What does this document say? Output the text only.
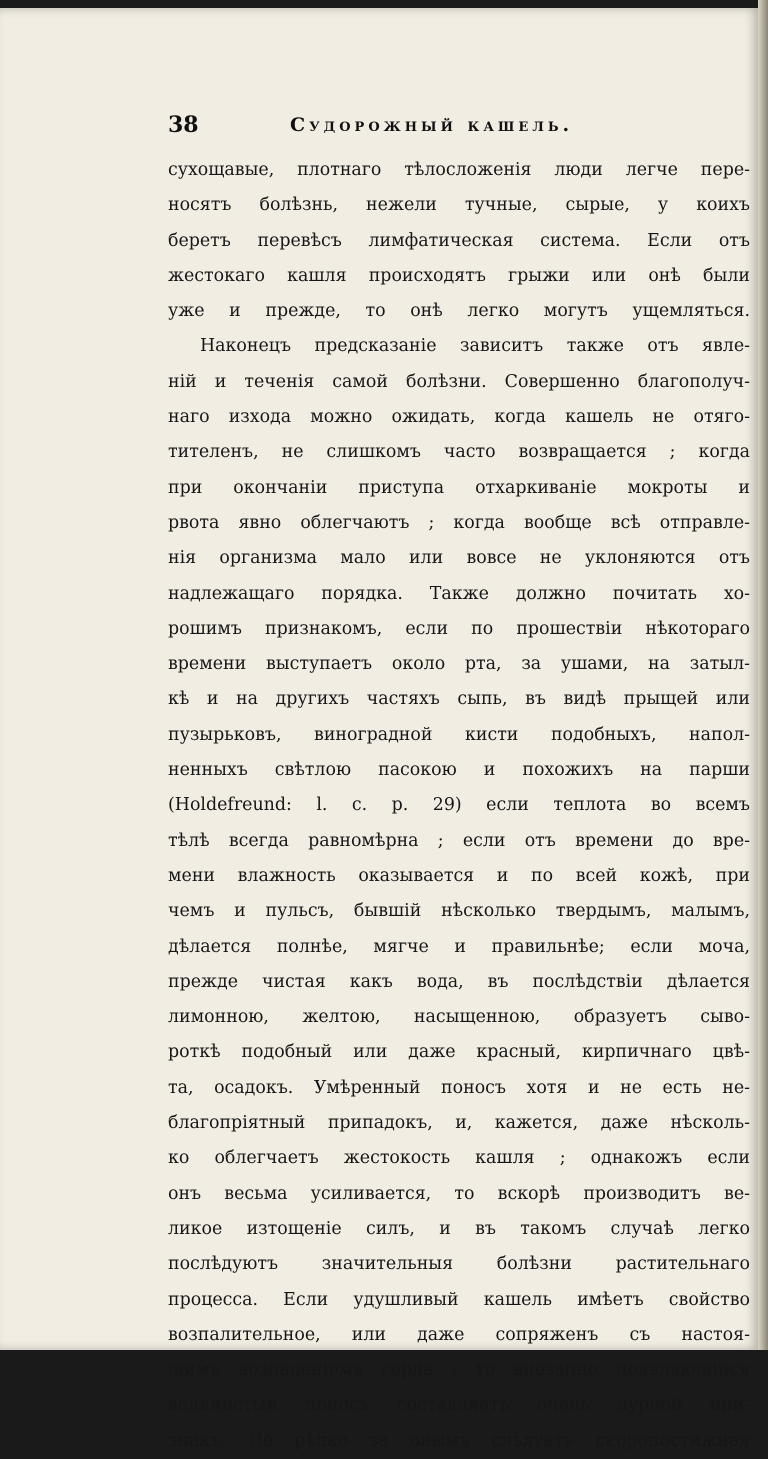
38	Судорожный кашель.
сухощавые, плотнаго тѣлосложенія люди легче пере-
носятъ болѣзнь, нежели тучные, сырые, у коихъ
беретъ перевѣсъ лимфатическая система. Если отъ
жестокаго кашля происходятъ грыжи или онѣ были
уже и прежде, то онѣ легко могутъ ущемляться.
Наконецъ предсказаніе зависитъ также отъ явле-
ній и теченія самой болѣзни. Совершенно благополуч-
наго изхода можно ожидать, когда кашель не отяго-
тителенъ, не слишкомъ часто возвращается ; когда
при окончаніи приступа отхаркиваніе мокроты и
рвота явно облегчаютъ ; когда вообще всѣ отправле-
нія организма мало или вовсе не уклоняются отъ
надлежащаго порядка. Также должно почитать хо-
рошимъ признакомъ, если по прошествіи нѣкотораго
времени выступаетъ около рта, за ушами, на затыл-
кѣ и на другихъ частяхъ сыпь, въ видѣ прыщей или
пузырьковъ, виноградной кисти подобныхъ, напол-
ненныхъ свѣтлою пасокою и похожихъ на парши
(Holdefreund: l. c. p. 29) если теплота во всемъ
тѣлѣ всегда равномѣрна ; если отъ времени до вре-
мени влажность оказывается и по всей кожѣ, при
чемъ и пульсъ, бывшій нѣсколько твердымъ, малымъ,
дѣлается полнѣе, мягче и правильнѣе; если моча,
прежде чистая какъ вода, въ послѣдствіи дѣлается
лимонною, желтою, насыщенною, образуетъ сыво-
роткѣ подобный или даже красный, кирпичнаго цвѣ-
та, осадокъ. Умѣренный поносъ хотя и не есть не-
благопріятный припадокъ, и, кажется, даже нѣсколь-
ко облегчаетъ жестокость кашля ; однакожъ если
онъ весьма усиливается, то вскорѣ производитъ ве-
ликое изтощеніе силъ, и въ такомъ случаѣ легко
послѣдуютъ значительныя болѣзни растительнаго
процесса. Если удушливый кашель имѣетъ свойство
возпалительное, или даже сопряженъ съ настоя-
щимъ возпаленіемъ горла ; то внезапно появляющійся
водянистый поносъ составляетъ очень дурной при-
знакъ. Не рѣдко за онымъ слѣдуетъ скоропостижная
